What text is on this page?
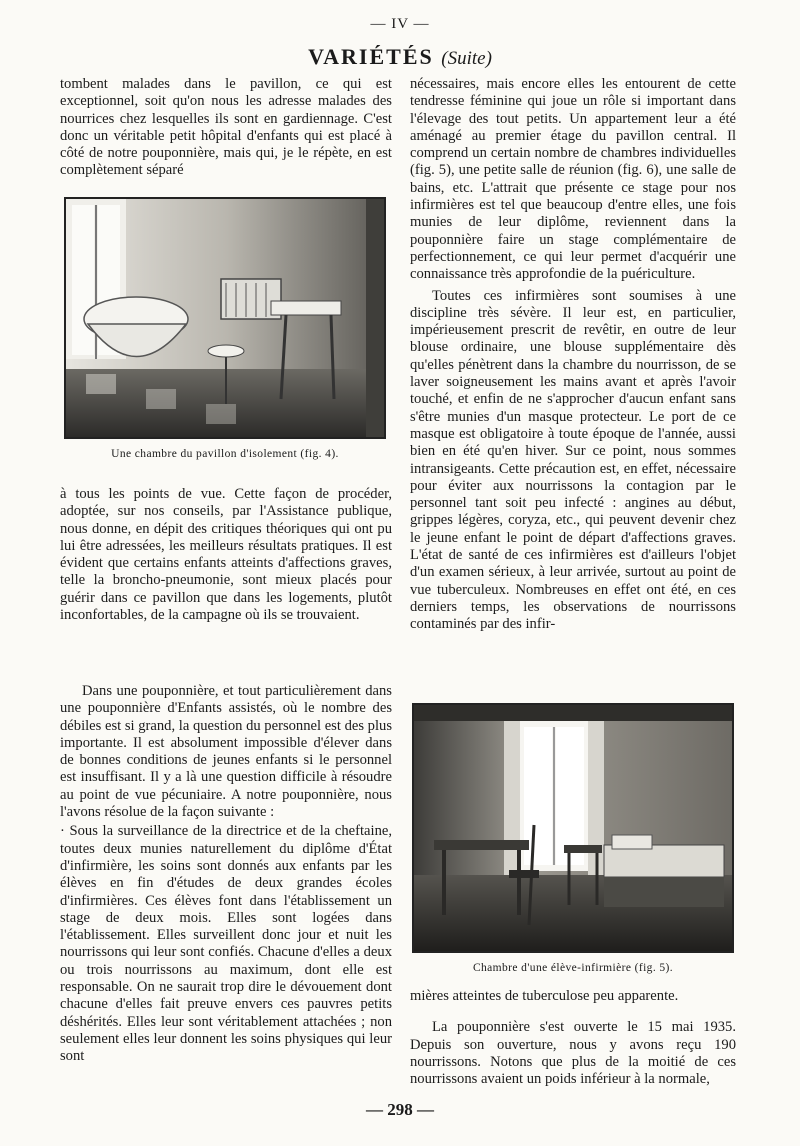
— IV —
VARIÉTÉS (Suite)

tombent malades dans le pavillon, ce qui est exceptionnel, soit qu'on nous les adresse malades des nourrices chez lesquelles ils sont en gardiennage. C'est donc un véritable petit hôpital d'enfants qui est placé à côté de notre pouponnière, mais qui, je le répète, en est complètement séparé

Une chambre du pavillon d'isolement (fig. 4).

à tous les points de vue. Cette façon de procéder, adoptée, sur nos conseils, par l'Assistance publique, nous donne, en dépit des critiques théoriques qui ont pu lui être adressées, les meilleurs résultats pratiques. Il est évident que certains enfants atteints d'affections graves, telle la broncho-pneumonie, sont mieux placés pour guérir dans ce pavillon que dans les logements, plutôt inconfortables, de la campagne où ils se trouvaient.

Dans une pouponnière, et tout particulièrement dans une pouponnière d'Enfants assistés, où le nombre des débiles est si grand, la question du personnel est des plus importante. Il est absolument impossible d'élever dans de bonnes conditions de jeunes enfants si le personnel est insuffisant. Il y a là une question difficile à résoudre au point de vue pécuniaire. A notre pouponnière, nous l'avons résolue de la façon suivante :

· Sous la surveillance de la directrice et de la cheftaine, toutes deux munies naturellement du diplôme d'État d'infirmière, les soins sont donnés aux enfants par les élèves en fin d'études de deux grandes écoles d'infirmières. Ces élèves font dans l'établissement un stage de deux mois. Elles sont logées dans l'établissement. Elles surveillent donc jour et nuit les nourrissons qui leur sont confiés. Chacune d'elles a deux ou trois nourrissons au maximum, dont elle est responsable. On ne saurait trop dire le dévouement dont chacune d'elles fait preuve envers ces pauvres petits déshérités. Elles leur sont véritablement attachées ; non seulement elles leur donnent les soins physiques qui leur sont

nécessaires, mais encore elles les entourent de cette tendresse féminine qui joue un rôle si important dans l'élevage des tout petits. Un appartement leur a été aménagé au premier étage du pavillon central. Il comprend un certain nombre de chambres individuelles (fig. 5), une petite salle de réunion (fig. 6), une salle de bains, etc. L'attrait que présente ce stage pour nos infirmières est tel que beaucoup d'entre elles, une fois munies de leur diplôme, reviennent dans la pouponnière faire un stage complémentaire de perfectionnement, ce qui leur permet d'acquérir une connaissance très approfondie de la puériculture.

Toutes ces infirmières sont soumises à une discipline très sévère. Il leur est, en particulier, impérieusement prescrit de revêtir, en outre de leur blouse ordinaire, une blouse supplémentaire dès qu'elles pénètrent dans la chambre du nourrisson, de se laver soigneusement les mains avant et après l'avoir touché, et enfin de ne s'approcher d'aucun enfant sans s'être munies d'un masque protecteur. Le port de ce masque est obligatoire à toute époque de l'année, aussi bien en été qu'en hiver. Sur ce point, nous sommes intransigeants. Cette précaution est, en effet, nécessaire pour éviter aux nourrissons la contagion par le personnel tant soit peu infecté : angines au début, grippes légères, coryza, etc., qui peuvent devenir chez le jeune enfant le point de départ d'affections graves. L'état de santé de ces infirmières est d'ailleurs l'objet d'un examen sérieux, à leur arrivée, surtout au point de vue tuberculeux. Nombreuses en effet ont été, en ces derniers temps, les observations de nourrissons contaminés par des infir-

Chambre d'une élève-infirmière (fig. 5).

mières atteintes de tuberculose peu apparente.

La pouponnière s'est ouverte le 15 mai 1935. Depuis son ouverture, nous y avons reçu 190 nourrissons. Notons que plus de la moitié de ces nourrissons avaient un poids inférieur à la normale,

— 298 —
